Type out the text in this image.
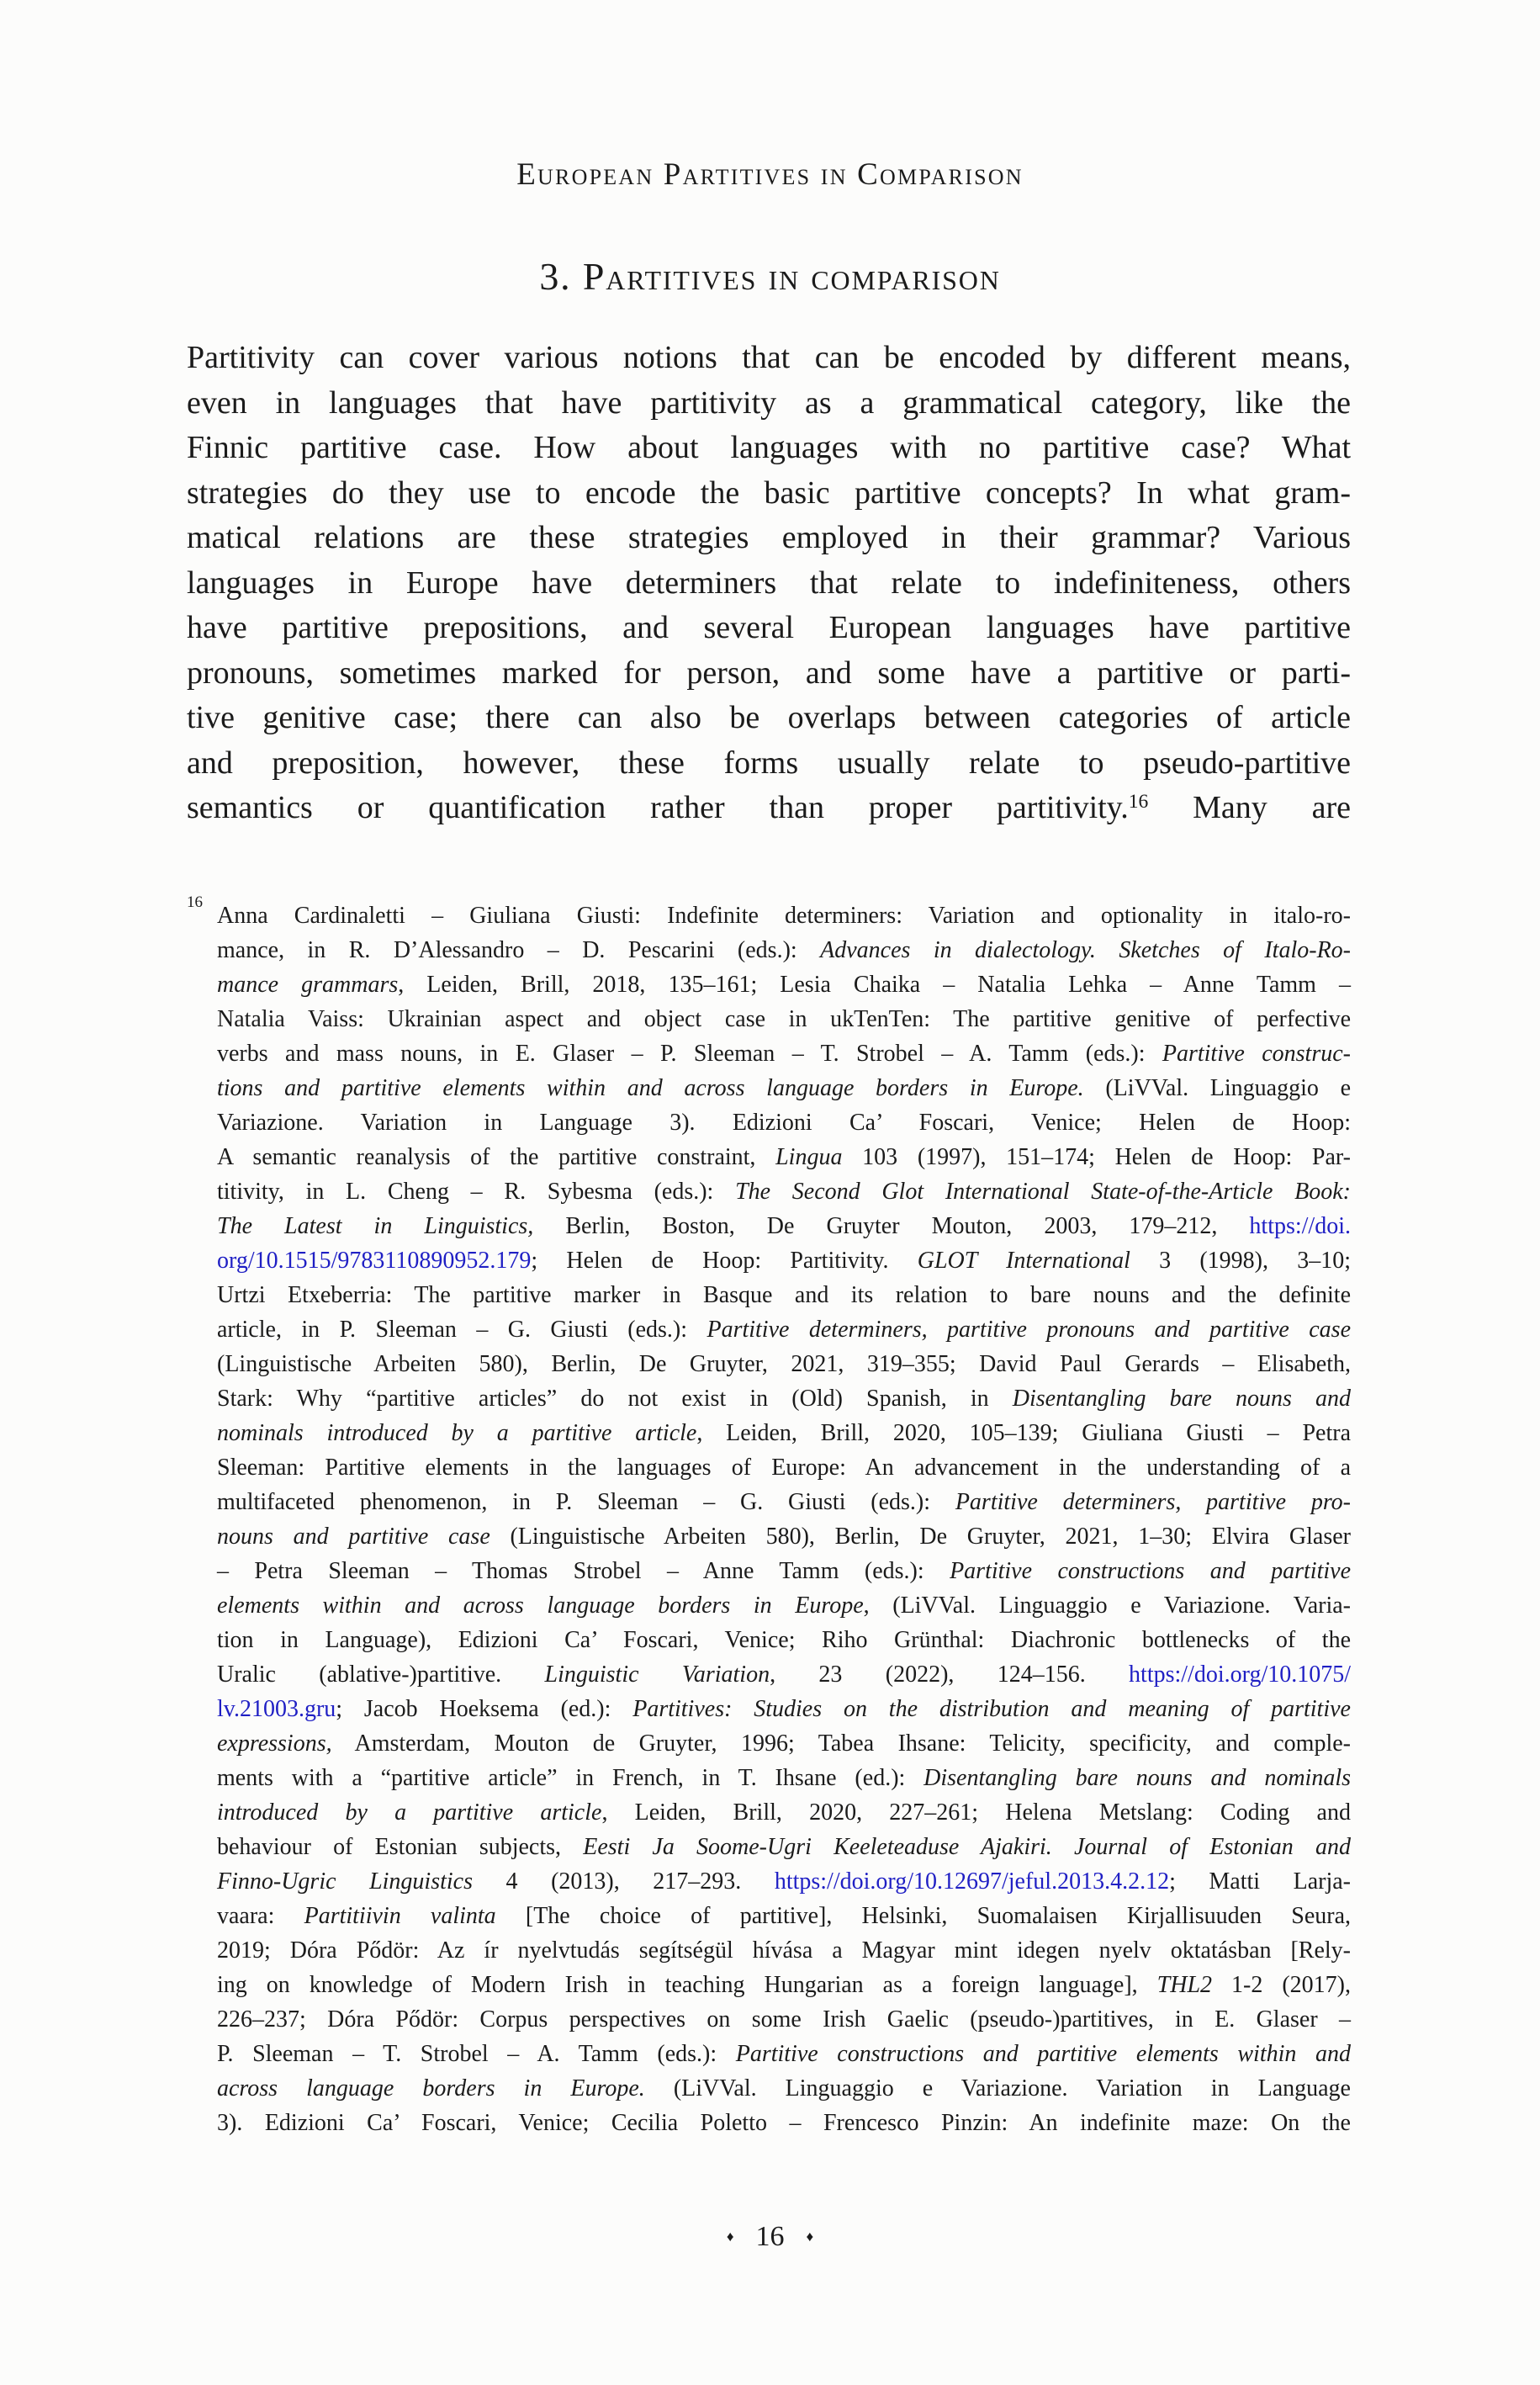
European Partitives in Comparison
3. Partitives in comparison
Partitivity can cover various notions that can be encoded by different means,
even in languages that have partitivity as a grammatical category, like the
Finnic partitive case. How about languages with no partitive case? What
strategies do they use to encode the basic partitive concepts? In what gram-
matical relations are these strategies employed in their grammar? Various
languages in Europe have determiners that relate to indefiniteness, others
have partitive prepositions, and several European languages have partitive
pronouns, sometimes marked for person, and some have a partitive or parti-
tive genitive case; there can also be overlaps between categories of article
and preposition, however, these forms usually relate to pseudo-partitive
semantics or quantification rather than proper partitivity.$^{16}$ Many are
16
Anna Cardinaletti – Giuliana Giusti: Indefinite determiners: Variation and optionality in italo-ro-
mance, in R. D’Alessandro – D. Pescarini (eds.): Advances in dialectology. Sketches of Italo-Ro-
mance grammars, Leiden, Brill, 2018, 135–161; Lesia Chaika – Natalia Lehka – Anne Tamm –
Natalia Vaiss: Ukrainian aspect and object case in ukTenTen: The partitive genitive of perfective
verbs and mass nouns, in E. Glaser – P. Sleeman – T. Strobel – A. Tamm (eds.): Partitive construc-
tions and partitive elements within and across language borders in Europe. (LiVVal. Linguaggio e
Variazione. Variation in Language 3). Edizioni Ca’ Foscari, Venice; Helen de Hoop:
A semantic reanalysis of the partitive constraint, Lingua 103 (1997), 151–174; Helen de Hoop: Par-
titivity, in L. Cheng – R. Sybesma (eds.): The Second Glot International State-of-the-Article Book:
The Latest in Linguistics, Berlin, Boston, De Gruyter Mouton, 2003, 179–212, https://doi.
org/10.1515/9783110890952.179; Helen de Hoop: Partitivity. GLOT International 3 (1998), 3–10;
Urtzi Etxeberria: The partitive marker in Basque and its relation to bare nouns and the definite
article, in P. Sleeman – G. Giusti (eds.): Partitive determiners, partitive pronouns and partitive case
(Linguistische Arbeiten 580), Berlin, De Gruyter, 2021, 319–355; David Paul Gerards – Elisabeth,
Stark: Why “partitive articles” do not exist in (Old) Spanish, in Disentangling bare nouns and
nominals introduced by a partitive article, Leiden, Brill, 2020, 105–139; Giuliana Giusti – Petra
Sleeman: Partitive elements in the languages of Europe: An advancement in the understanding of a
multifaceted phenomenon, in P. Sleeman – G. Giusti (eds.): Partitive determiners, partitive pro-
nouns and partitive case (Linguistische Arbeiten 580), Berlin, De Gruyter, 2021, 1–30; Elvira Glaser
– Petra Sleeman – Thomas Strobel – Anne Tamm (eds.): Partitive constructions and partitive
elements within and across language borders in Europe, (LiVVal. Linguaggio e Variazione. Varia-
tion in Language), Edizioni Ca’ Foscari, Venice; Riho Grünthal: Diachronic bottlenecks of the
Uralic (ablative-)partitive. Linguistic Variation, 23 (2022), 124–156. https://doi.org/10.1075/
lv.21003.gru; Jacob Hoeksema (ed.): Partitives: Studies on the distribution and meaning of partitive
expressions, Amsterdam, Mouton de Gruyter, 1996; Tabea Ihsane: Telicity, specificity, and comple-
ments with a “partitive article” in French, in T. Ihsane (ed.): Disentangling bare nouns and nominals
introduced by a partitive article, Leiden, Brill, 2020, 227–261; Helena Metslang: Coding and
behaviour of Estonian subjects, Eesti Ja Soome-Ugri Keeleteaduse Ajakiri. Journal of Estonian and
Finno-Ugric Linguistics 4 (2013), 217–293. https://doi.org/10.12697/jeful.2013.4.2.12; Matti Larja-
vaara: Partitiivin valinta [The choice of partitive], Helsinki, Suomalaisen Kirjallisuuden Seura,
2019; Dóra Pődör: Az ír nyelvtudás segítségül hívása a Magyar mint idegen nyelv oktatásban [Rely-
ing on knowledge of Modern Irish in teaching Hungarian as a foreign language], THL2 1-2 (2017),
226–237; Dóra Pődör: Corpus perspectives on some Irish Gaelic (pseudo-)partitives, in E. Glaser –
P. Sleeman – T. Strobel – A. Tamm (eds.): Partitive constructions and partitive elements within and
across language borders in Europe. (LiVVal. Linguaggio e Variazione. Variation in Language
3). Edizioni Ca’ Foscari, Venice; Cecilia Poletto – Frencesco Pinzin: An indefinite maze: On the
♦ 16 ♦
